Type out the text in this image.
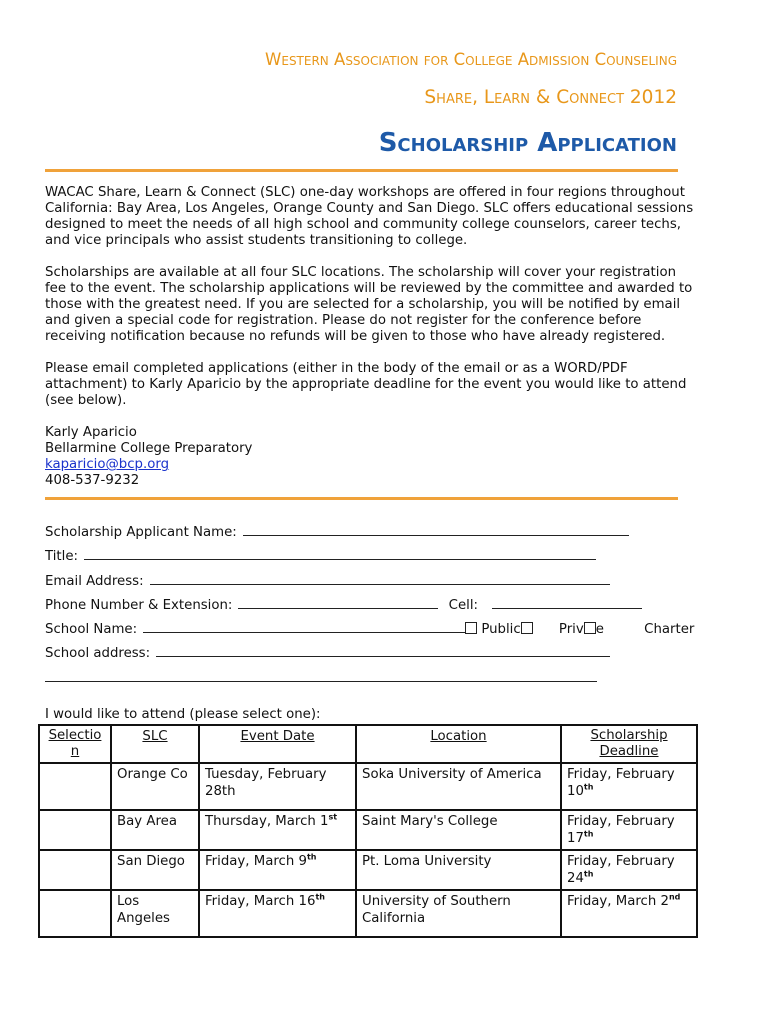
Western Association for College Admission Counseling
Share, Learn & Connect 2012
Scholarship Application
WACAC Share, Learn & Connect (SLC) one-day workshops are offered in four regions throughout
California: Bay Area, Los Angeles, Orange County and San Diego. SLC offers educational sessions
designed to meet the needs of all high school and community college counselors, career techs,
and vice principals who assist students transitioning to college.
Scholarships are available at all four SLC locations. The scholarship will cover your registration
fee to the event. The scholarship applications will be reviewed by the committee and awarded to
those with the greatest need. If you are selected for a scholarship, you will be notified by email
and given a special code for registration. Please do not register for the conference before
receiving notification because no refunds will be given to those who have already registered.
Please email completed applications (either in the body of the email or as a WORD/PDF
attachment) to Karly Aparicio by the appropriate deadline for the event you would like to attend
(see below).
Karly Aparicio
Bellarmine College Preparatory
kaparicio@bcp.org
408-537-9232
Scholarship Applicant Name:
Title:
Email Address:
Phone Number & Extension:	Cell:
School Name:	Public	Priv e	Charter
School address:
I would like to attend (please select one):
Selectio
n	SLC	Event Date	Location	Scholarship
Deadline
	Orange Co	Tuesday, February 28th	Soka University of America	Friday, February 10th
	Bay Area	Thursday, March 1st	Saint Mary's College	Friday, February 17th
	San Diego	Friday, March 9th	Pt. Loma University	Friday, February 24th
	Los Angeles	Friday, March 16th	University of Southern California	Friday, March 2nd
